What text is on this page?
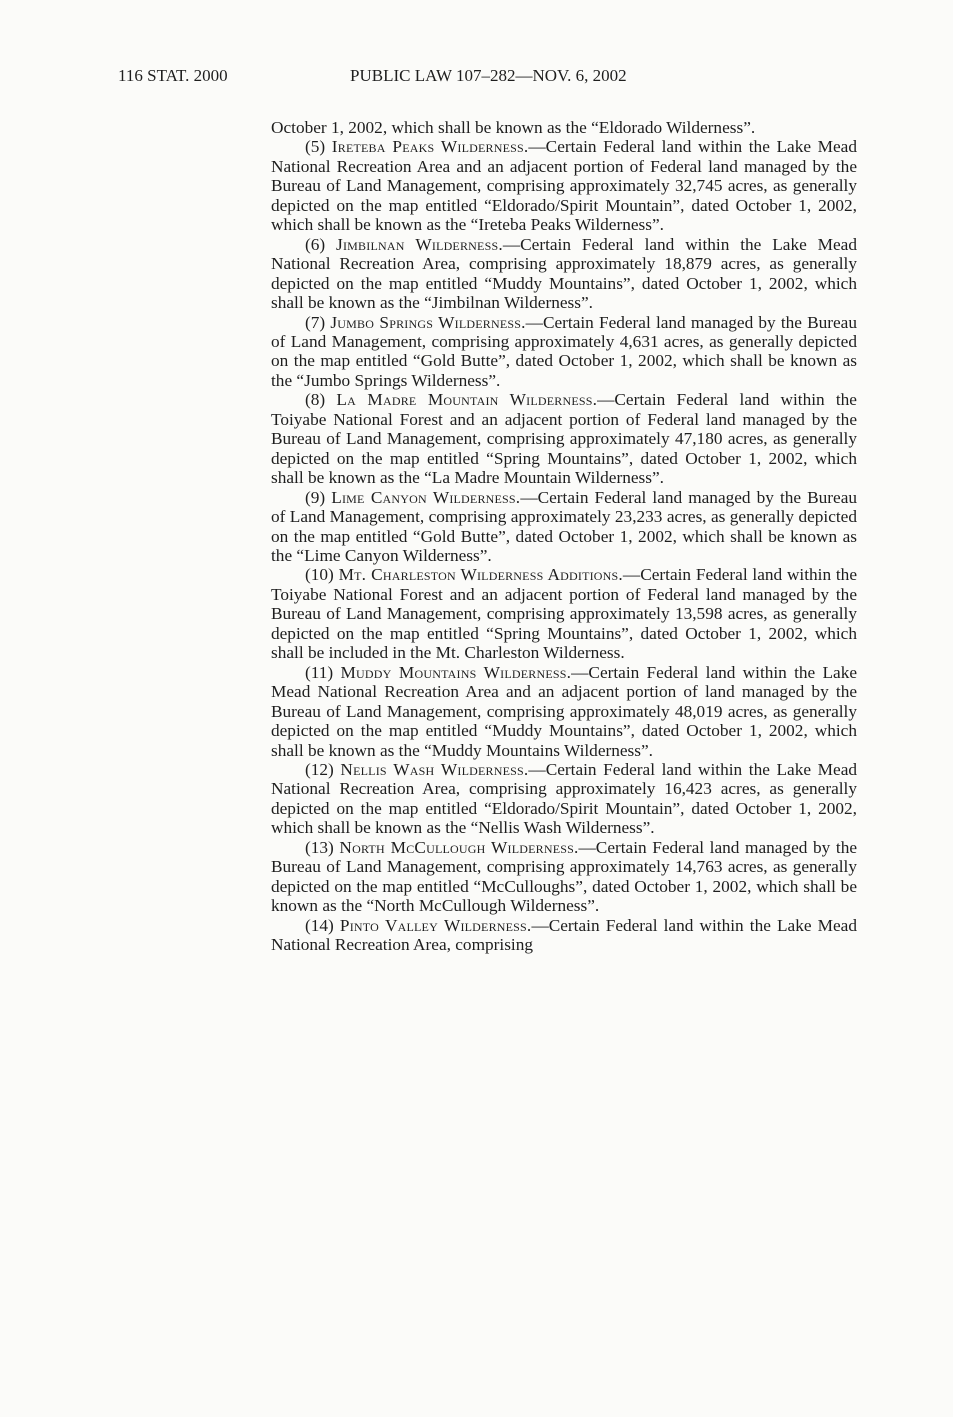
116 STAT. 2000	PUBLIC LAW 107–282—NOV. 6, 2002

October 1, 2002, which shall be known as the “Eldorado Wilderness”.

(5) Ireteba Peaks Wilderness.—Certain Federal land within the Lake Mead National Recreation Area and an adjacent portion of Federal land managed by the Bureau of Land Management, comprising approximately 32,745 acres, as generally depicted on the map entitled “Eldorado/Spirit Mountain”, dated October 1, 2002, which shall be known as the “Ireteba Peaks Wilderness”.

(6) Jimbilnan Wilderness.—Certain Federal land within the Lake Mead National Recreation Area, comprising approximately 18,879 acres, as generally depicted on the map entitled “Muddy Mountains”, dated October 1, 2002, which shall be known as the “Jimbilnan Wilderness”.

(7) Jumbo Springs Wilderness.—Certain Federal land managed by the Bureau of Land Management, comprising approximately 4,631 acres, as generally depicted on the map entitled “Gold Butte”, dated October 1, 2002, which shall be known as the “Jumbo Springs Wilderness”.

(8) La Madre Mountain Wilderness.—Certain Federal land within the Toiyabe National Forest and an adjacent portion of Federal land managed by the Bureau of Land Management, comprising approximately 47,180 acres, as generally depicted on the map entitled “Spring Mountains”, dated October 1, 2002, which shall be known as the “La Madre Mountain Wilderness”.

(9) Lime Canyon Wilderness.—Certain Federal land managed by the Bureau of Land Management, comprising approximately 23,233 acres, as generally depicted on the map entitled “Gold Butte”, dated October 1, 2002, which shall be known as the “Lime Canyon Wilderness”.

(10) Mt. Charleston Wilderness Additions.—Certain Federal land within the Toiyabe National Forest and an adjacent portion of Federal land managed by the Bureau of Land Management, comprising approximately 13,598 acres, as generally depicted on the map entitled “Spring Mountains”, dated October 1, 2002, which shall be included in the Mt. Charleston Wilderness.

(11) Muddy Mountains Wilderness.—Certain Federal land within the Lake Mead National Recreation Area and an adjacent portion of land managed by the Bureau of Land Management, comprising approximately 48,019 acres, as generally depicted on the map entitled “Muddy Mountains”, dated October 1, 2002, which shall be known as the “Muddy Mountains Wilderness”.

(12) Nellis Wash Wilderness.—Certain Federal land within the Lake Mead National Recreation Area, comprising approximately 16,423 acres, as generally depicted on the map entitled “Eldorado/Spirit Mountain”, dated October 1, 2002, which shall be known as the “Nellis Wash Wilderness”.

(13) North McCullough Wilderness.—Certain Federal land managed by the Bureau of Land Management, comprising approximately 14,763 acres, as generally depicted on the map entitled “McCulloughs”, dated October 1, 2002, which shall be known as the “North McCullough Wilderness”.

(14) Pinto Valley Wilderness.—Certain Federal land within the Lake Mead National Recreation Area, comprising
